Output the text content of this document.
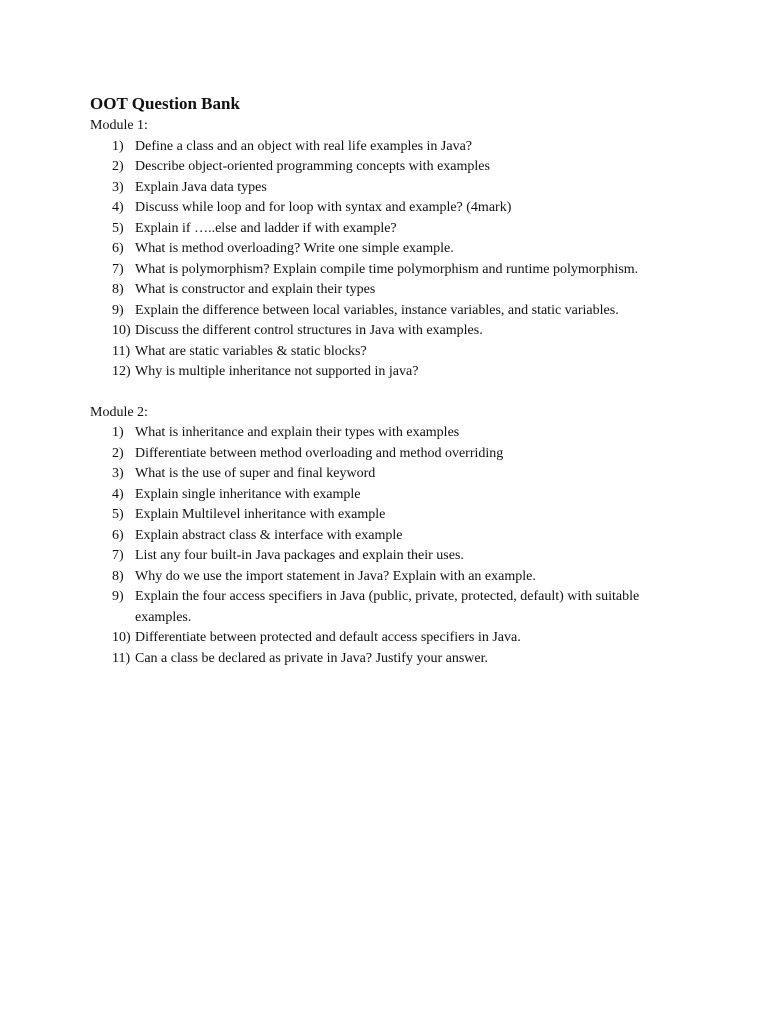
OOT Question Bank
Module 1:
1) Define a class and an object with real life examples in Java?
2) Describe object-oriented programming concepts with examples
3) Explain Java data types
4) Discuss while loop and for loop with syntax and example? (4mark)
5) Explain if …..else and ladder if with example?
6) What is method overloading? Write one simple example.
7) What is polymorphism? Explain compile time polymorphism and runtime polymorphism.
8) What is constructor and explain their types
9) Explain the difference between local variables, instance variables, and static variables.
10) Discuss the different control structures in Java with examples.
11) What are static variables & static blocks?
12) Why is multiple inheritance not supported in java?
Module 2:
1) What is inheritance and explain their types with examples
2) Differentiate between method overloading and method overriding
3) What is the use of super and final keyword
4) Explain single inheritance with example
5) Explain Multilevel inheritance with example
6) Explain abstract class & interface with example
7) List any four built-in Java packages and explain their uses.
8) Why do we use the import statement in Java? Explain with an example.
9) Explain the four access specifiers in Java (public, private, protected, default) with suitable examples.
10) Differentiate between protected and default access specifiers in Java.
11) Can a class be declared as private in Java? Justify your answer.
